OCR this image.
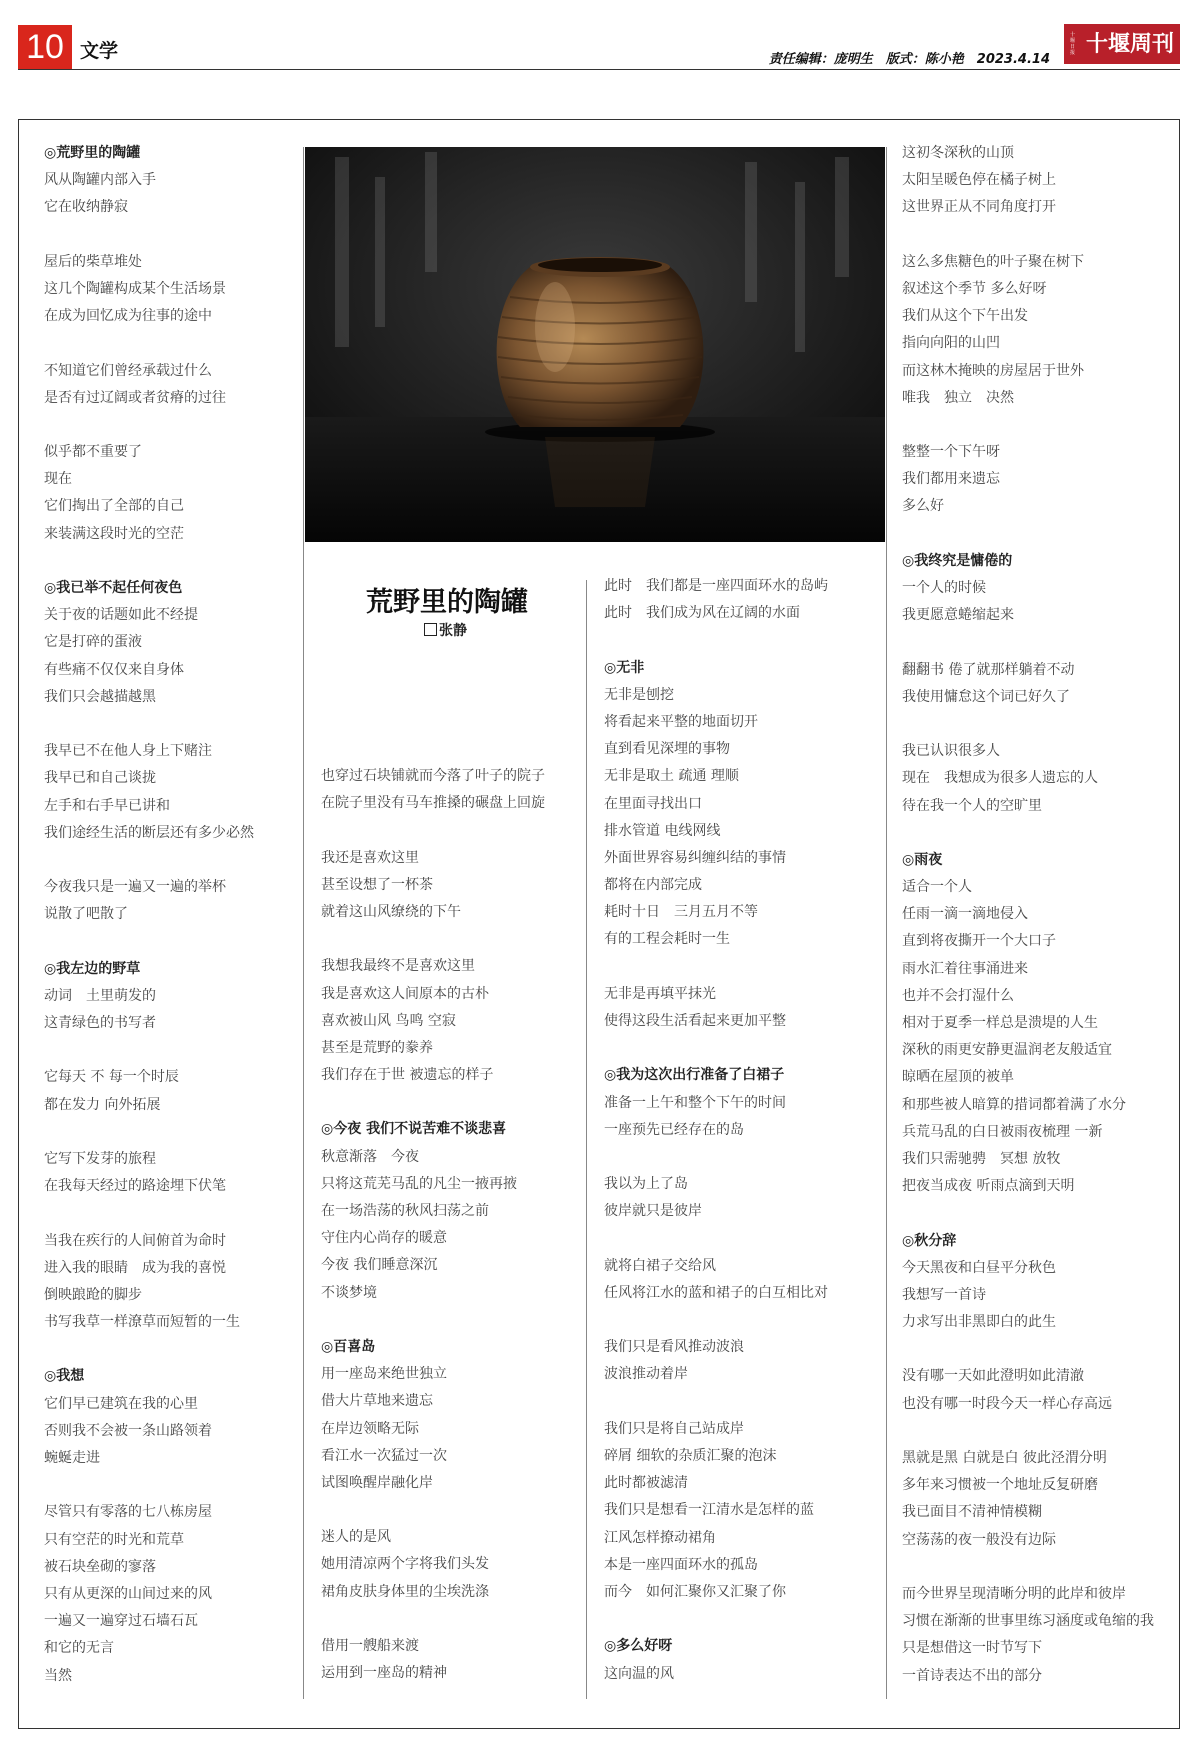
10 文学	责任编辑：庞明生　版式：陈小艳　2023.4.14
十堰日报 十堰周刊
荒野里的陶罐
张静
◎荒野里的陶罐
风从陶罐内部入手
它在收纳静寂
屋后的柴草堆处
这几个陶罐构成某个生活场景
在成为回忆成为往事的途中
不知道它们曾经承载过什么
是否有过辽阔或者贫瘠的过往
似乎都不重要了
现在
它们掏出了全部的自己
来装满这段时光的空茫
◎我已举不起任何夜色
关于夜的话题如此不经提
它是打碎的蛋液
有些痛不仅仅来自身体
我们只会越描越黑
我早已不在他人身上下赌注
我早已和自己谈拢
左手和右手早已讲和
我们途经生活的断层还有多少必然
今夜我只是一遍又一遍的举杯
说散了吧散了
◎我左边的野草
动词　土里萌发的
这青绿色的书写者
它每天 不 每一个时辰
都在发力 向外拓展
它写下发芽的旅程
在我每天经过的路途埋下伏笔
当我在疾行的人间俯首为命时
进入我的眼睛　成为我的喜悦
倒映踉跄的脚步
书写我草一样潦草而短暂的一生
◎我想
它们早已建筑在我的心里
否则我不会被一条山路领着
蜿蜒走进
尽管只有零落的七八栋房屋
只有空茫的时光和荒草
被石块垒砌的寥落
只有从更深的山间过来的风
一遍又一遍穿过石墙石瓦
和它的无言
当然
也穿过石块铺就而今落了叶子的院子
在院子里没有马车推搡的碾盘上回旋
我还是喜欢这里
甚至设想了一杯茶
就着这山风缭绕的下午
我想我最终不是喜欢这里
我是喜欢这人间原本的古朴
喜欢被山风 鸟鸣 空寂
甚至是荒野的豢养
我们存在于世 被遗忘的样子
◎今夜 我们不说苦难不谈悲喜
秋意渐落　今夜
只将这荒芜马乱的凡尘一掖再掖
在一场浩荡的秋风扫荡之前
守住内心尚存的暖意
今夜 我们睡意深沉
不谈梦境
◎百喜岛
用一座岛来绝世独立
借大片草地来遗忘
在岸边领略无际
看江水一次猛过一次
试图唤醒岸融化岸
迷人的是风
她用清凉两个字将我们头发
裙角皮肤身体里的尘埃洗涤
借用一艘船来渡
运用到一座岛的精神
此时　我们都是一座四面环水的岛屿
此时　我们成为风在辽阔的水面
◎无非
无非是刨挖
将看起来平整的地面切开
直到看见深埋的事物
无非是取土 疏通 理顺
在里面寻找出口
排水管道 电线网线
外面世界容易纠缠纠结的事情
都将在内部完成
耗时十日　三月五月不等
有的工程会耗时一生
无非是再填平抹光
使得这段生活看起来更加平整
◎我为这次出行准备了白裙子
准备一上午和整个下午的时间
一座预先已经存在的岛
我以为上了岛
彼岸就只是彼岸
就将白裙子交给风
任风将江水的蓝和裙子的白互相比对
我们只是看风推动波浪
波浪推动着岸
我们只是将自己站成岸
碎屑 细软的杂质汇聚的泡沫
此时都被滤清
我们只是想看一江清水是怎样的蓝
江风怎样撩动裙角
本是一座四面环水的孤岛
而今　如何汇聚你又汇聚了你
◎多么好呀
这向温的风
这初冬深秋的山顶
太阳呈暖色停在橘子树上
这世界正从不同角度打开
这么多焦糖色的叶子聚在树下
叙述这个季节 多么好呀
我们从这个下午出发
指向向阳的山凹
而这林木掩映的房屋居于世外
唯我　独立　决然
整整一个下午呀
我们都用来遗忘
多么好
◎我终究是慵倦的
一个人的时候
我更愿意蜷缩起来
翻翻书 倦了就那样躺着不动
我使用慵怠这个词已好久了
我已认识很多人
现在　我想成为很多人遗忘的人
待在我一个人的空旷里
◎雨夜
适合一个人
任雨一滴一滴地侵入
直到将夜撕开一个大口子
雨水汇着往事涌进来
也并不会打湿什么
相对于夏季一样总是溃堤的人生
深秋的雨更安静更温润老友般适宜
晾晒在屋顶的被单
和那些被人暗算的措词都着满了水分
兵荒马乱的白日被雨夜梳理 一新
我们只需驰骋　冥想 放牧
把夜当成夜 听雨点滴到天明
◎秋分辞
今天黑夜和白昼平分秋色
我想写一首诗
力求写出非黑即白的此生
没有哪一天如此澄明如此清澈
也没有哪一时段今天一样心存高远
黑就是黑 白就是白 彼此泾渭分明
多年来习惯被一个地址反复研磨
我已面目不清神情模糊
空荡荡的夜一般没有边际
而今世界呈现清晰分明的此岸和彼岸
习惯在渐渐的世事里练习涵度或龟缩的我
只是想借这一时节写下
一首诗表达不出的部分
